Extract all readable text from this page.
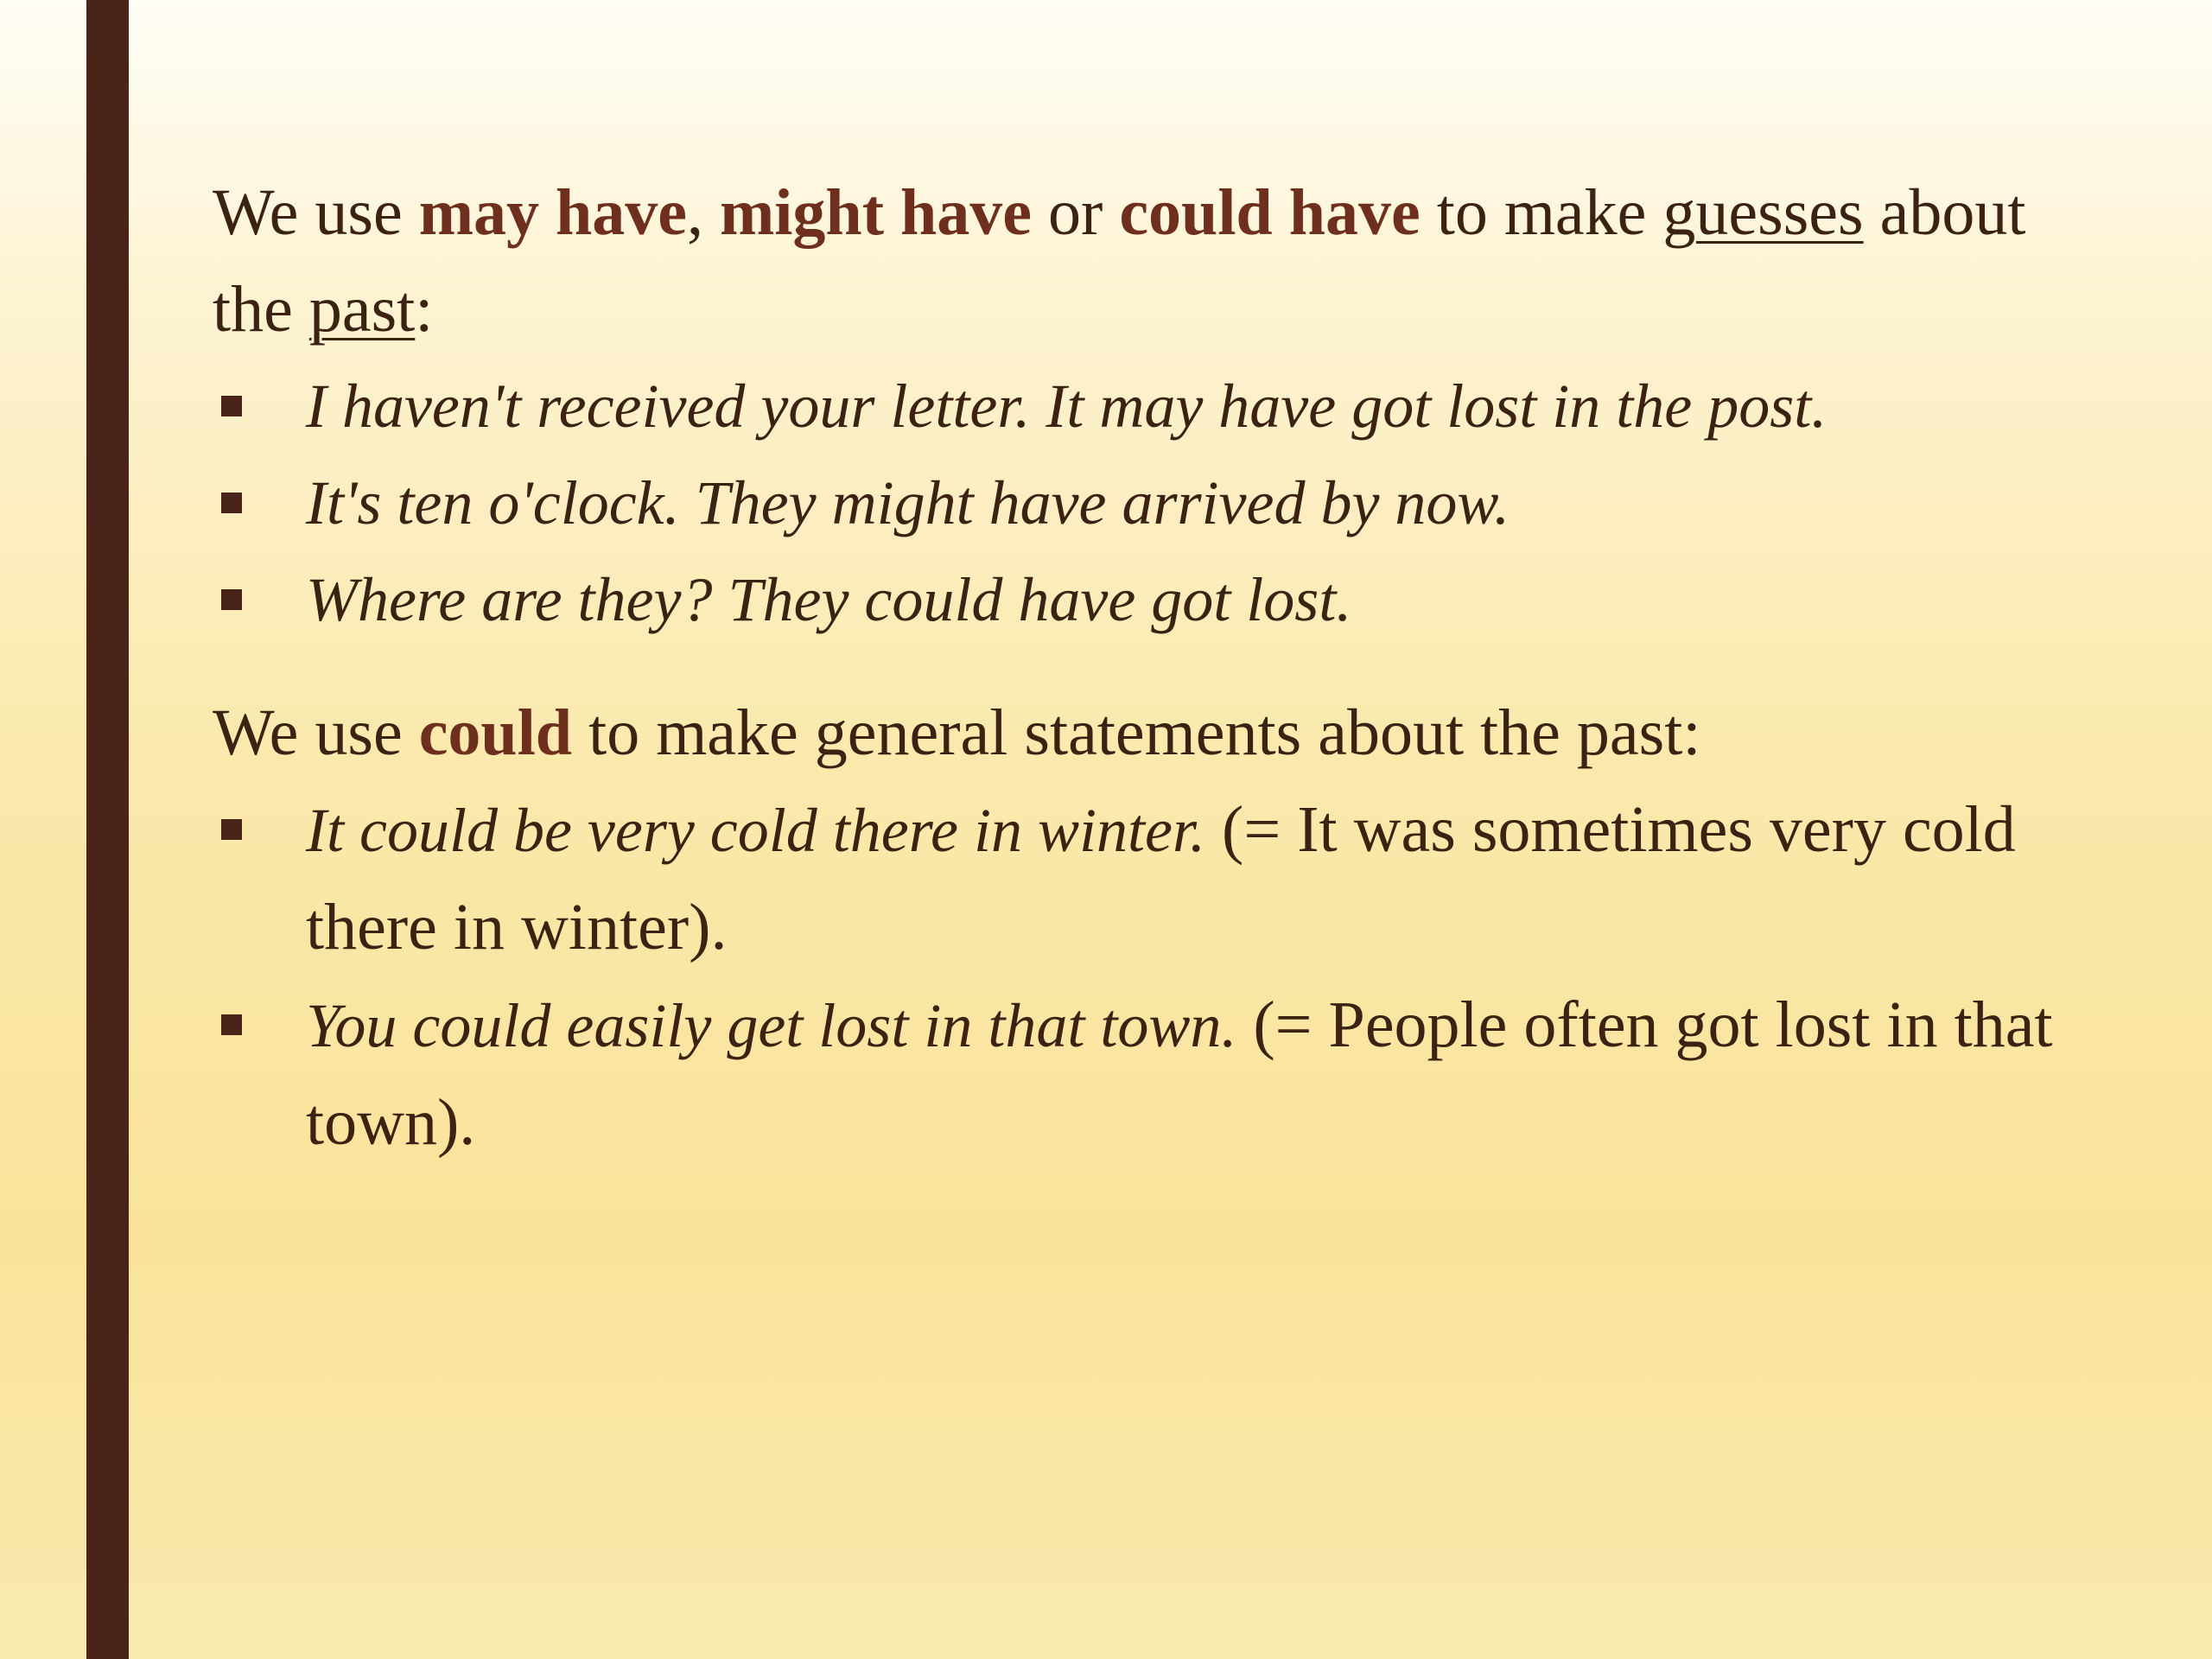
We use may have, might have or could have to make guesses about the past:

I haven't received your letter. It may have got lost in the post.
It's ten o'clock. They might have arrived by now.
Where are they? They could have got lost.

We use could to make general statements about the past:

It could be very cold there in winter. (= It was sometimes very cold there in winter).
You could easily get lost in that town. (= People often got lost in that town).
